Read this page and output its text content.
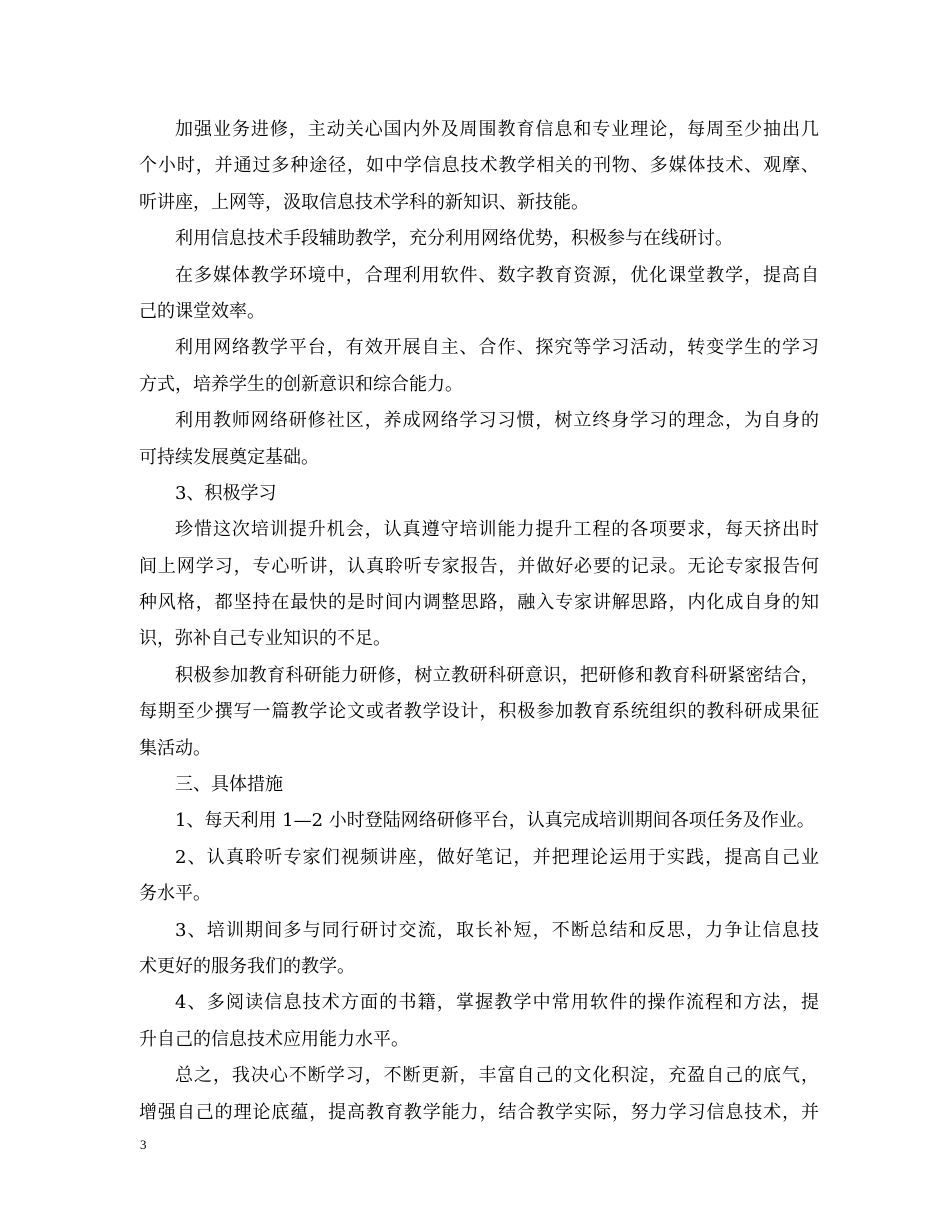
加强业务进修，主动关心国内外及周围教育信息和专业理论，每周至少抽出几
个小时，并通过多种途径，如中学信息技术教学相关的刊物、多媒体技术、观摩、
听讲座，上网等，汲取信息技术学科的新知识、新技能。
利用信息技术手段辅助教学，充分利用网络优势，积极参与在线研讨。
在多媒体教学环境中，合理利用软件、数字教育资源，优化课堂教学，提高自
己的课堂效率。
利用网络教学平台，有效开展自主、合作、探究等学习活动，转变学生的学习
方式，培养学生的创新意识和综合能力。
利用教师网络研修社区，养成网络学习习惯，树立终身学习的理念，为自身的
可持续发展奠定基础。
3、积极学习
珍惜这次培训提升机会，认真遵守培训能力提升工程的各项要求，每天挤出时
间上网学习，专心听讲，认真聆听专家报告，并做好必要的记录。无论专家报告何
种风格，都坚持在最快的是时间内调整思路，融入专家讲解思路，内化成自身的知
识，弥补自己专业知识的不足。
积极参加教育科研能力研修，树立教研科研意识，把研修和教育科研紧密结合，
每期至少撰写一篇教学论文或者教学设计，积极参加教育系统组织的教科研成果征
集活动。
三、具体措施
1、每天利用 1—2 小时登陆网络研修平台，认真完成培训期间各项任务及作业。
2、认真聆听专家们视频讲座，做好笔记，并把理论运用于实践，提高自己业
务水平。
3、培训期间多与同行研讨交流，取长补短，不断总结和反思，力争让信息技
术更好的服务我们的教学。
4、多阅读信息技术方面的书籍，掌握教学中常用软件的操作流程和方法，提
升自己的信息技术应用能力水平。
总之，我决心不断学习，不断更新，丰富自己的文化积淀，充盈自己的底气，
增强自己的理论底蕴，提高教育教学能力，结合教学实际，努力学习信息技术，并
3
